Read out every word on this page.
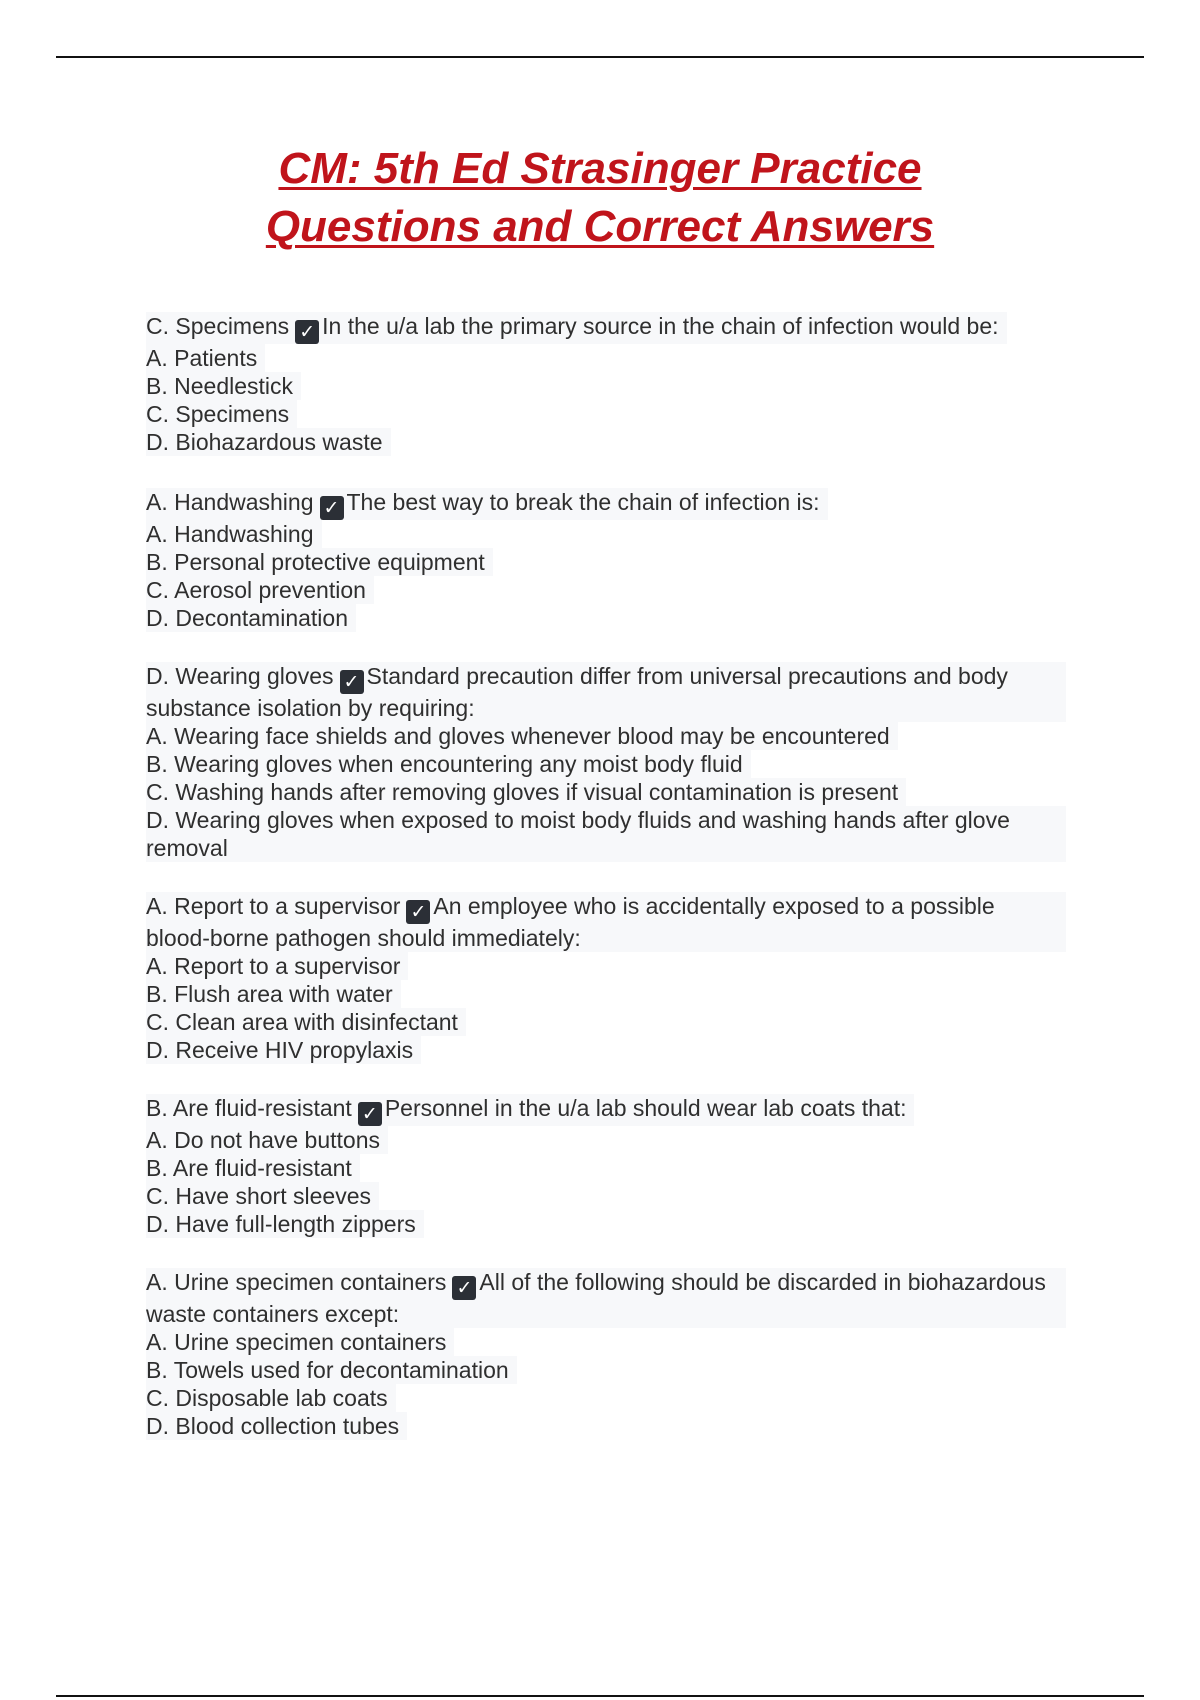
CM: 5th Ed Strasinger Practice
Questions and Correct Answers
C. Specimens ✓ In the u/a lab the primary source in the chain of infection would be:
A. Patients
B. Needlestick
C. Specimens
D. Biohazardous waste
A. Handwashing ✓ The best way to break the chain of infection is:
A. Handwashing
B. Personal protective equipment
C. Aerosol prevention
D. Decontamination
D. Wearing gloves ✓ Standard precaution differ from universal precautions and body substance isolation by requiring:
A. Wearing face shields and gloves whenever blood may be encountered
B. Wearing gloves when encountering any moist body fluid
C. Washing hands after removing gloves if visual contamination is present
D. Wearing gloves when exposed to moist body fluids and washing hands after glove removal
A. Report to a supervisor ✓ An employee who is accidentally exposed to a possible blood-borne pathogen should immediately:
A. Report to a supervisor
B. Flush area with water
C. Clean area with disinfectant
D. Receive HIV propylaxis
B. Are fluid-resistant ✓ Personnel in the u/a lab should wear lab coats that:
A. Do not have buttons
B. Are fluid-resistant
C. Have short sleeves
D. Have full-length zippers
A. Urine specimen containers ✓ All of the following should be discarded in biohazardous waste containers except:
A. Urine specimen containers
B. Towels used for decontamination
C. Disposable lab coats
D. Blood collection tubes
